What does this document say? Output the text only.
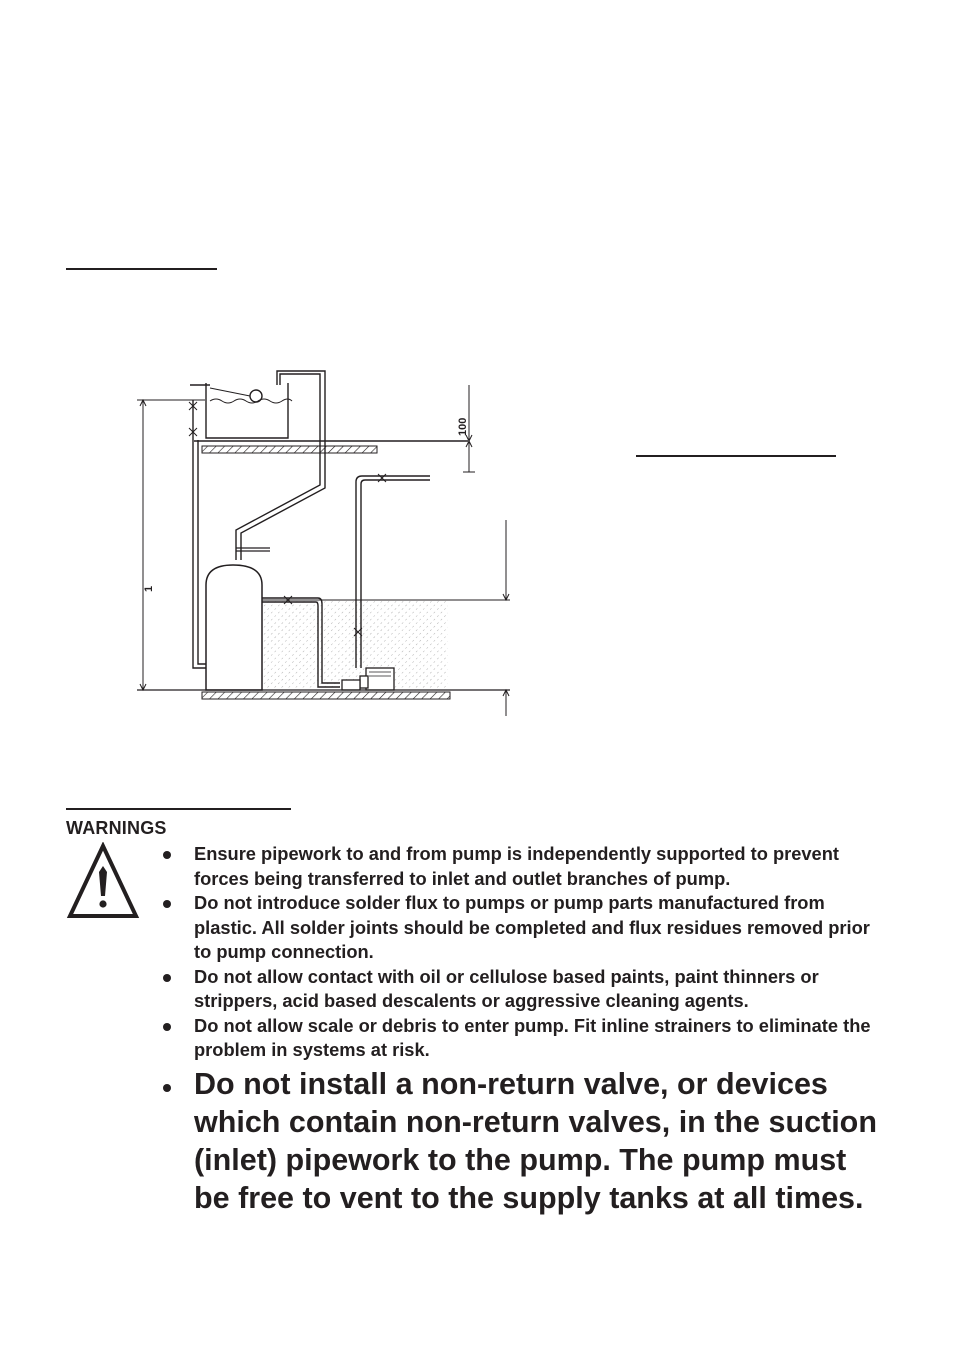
100
1
WARNINGS
Ensure pipework to and from pump is independently supported to prevent forces being transferred to inlet and outlet branches of pump.
Do not introduce solder flux to pumps or pump parts manufactured from plastic. All solder joints should be completed and flux residues removed prior to pump connection.
Do not allow contact with oil or cellulose based paints, paint thinners or strippers, acid based descalents or aggressive cleaning agents.
Do not allow scale or debris to enter pump. Fit inline strainers to eliminate the problem in systems at risk.
Do not install a non-return valve, or devices which contain non-return valves, in the suction (inlet) pipework to the pump. The pump must be free to vent to the supply tanks at all times.
